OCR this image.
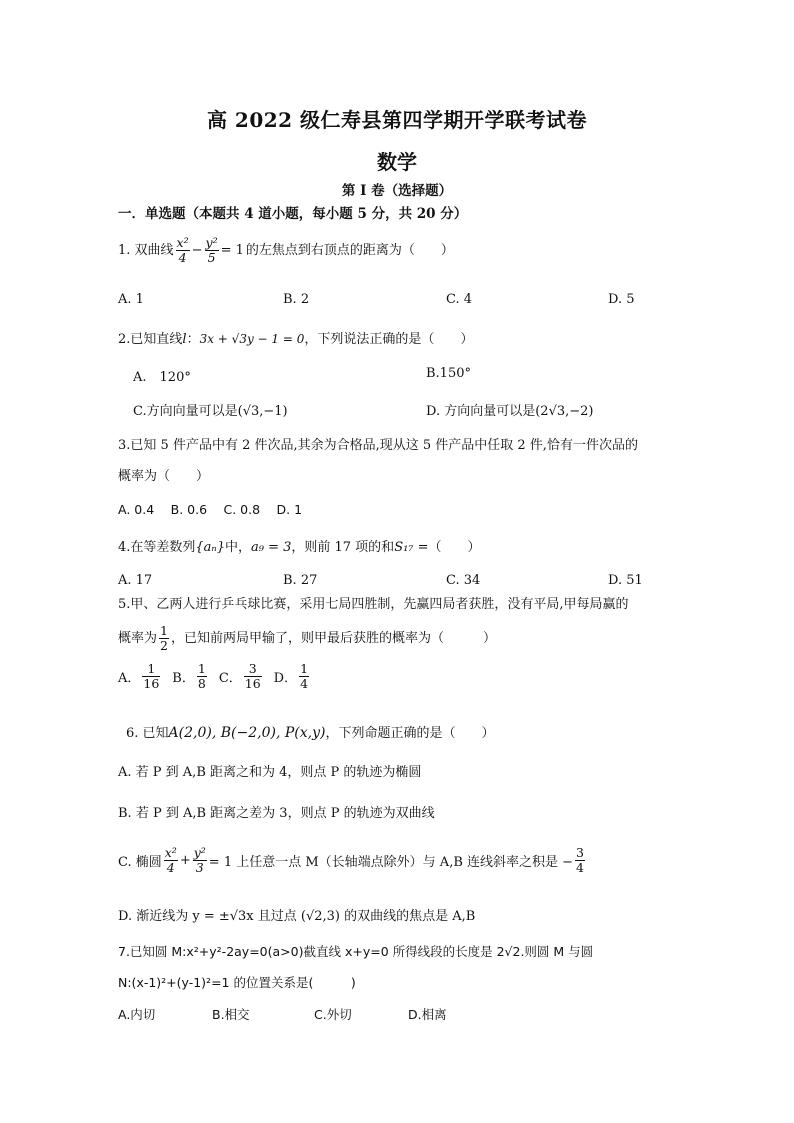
高 2022 级仁寿县第四学期开学联考试卷
数学
第 I 卷（选择题）
一．单选题（本题共 4 道小题，每小题 5 分，共 20 分）
1. 双曲线 $\frac{\text{x²}}{4} - \frac{\text{y²}}{5} = 1$ 的左焦点到右顶点的距离为（　　）
A. 1	B. 2	C. 4	D. 5
2.已知直线l：3x + √3y − 1 = 0，下列说法正确的是（　　）
A.　120°	B.150°
C.方向向量可以是(√3,−1)	D. 方向向量可以是(2√3,−2)
3.已知 5 件产品中有 2 件次品,其余为合格品,现从这 5 件产品中任取 2 件,恰有一件次品的
概率为（　　）
A. 0.4　 B. 0.6　 C. 0.8　 D. 1
4.在等差数列{aₙ}中，a₉ = 3，则前 17 项的和S₁₇ =（　　）
A. 17	B. 27	C. 34	D. 51
5.甲、乙两人进行乒乓球比赛，采用七局四胜制，先赢四局者获胜，没有平局,甲每局赢的
概率为 $\frac{1}{2}$ ，已知前两局甲输了，则甲最后获胜的概率为（　　　）
A． $\frac{1}{16}$ B． $\frac{1}{8}$ C． $\frac{3}{16}$ D． $\frac{1}{4}$
6. 已知A(2,0), B(−2,0), P(x,y)，下列命题正确的是（　　）
A. 若 P 到 A,B 距离之和为 4，则点 P 的轨迹为椭圆
B. 若 P 到 A,B 距离之差为 3，则点 P 的轨迹为双曲线
C. 椭圆 $\frac{\text{x²}}{4} + \frac{\text{y²}}{3} = 1$ 上任意一点 M（长轴端点除外）与 A,B 连线斜率之积是 − $\frac{3}{4}$
D. 渐近线为 y = ±√3x 且过点 (√2,3) 的双曲线的焦点是 A,B
7.已知圆 M:x²+y²-2ay=0(a>0)截直线 x+y=0 所得线段的长度是 2√2.则圆 M 与圆
N:(x-1)²+(y-1)²=1 的位置关系是(　　　)
A.内切	B.相交	C.外切	D.相离
